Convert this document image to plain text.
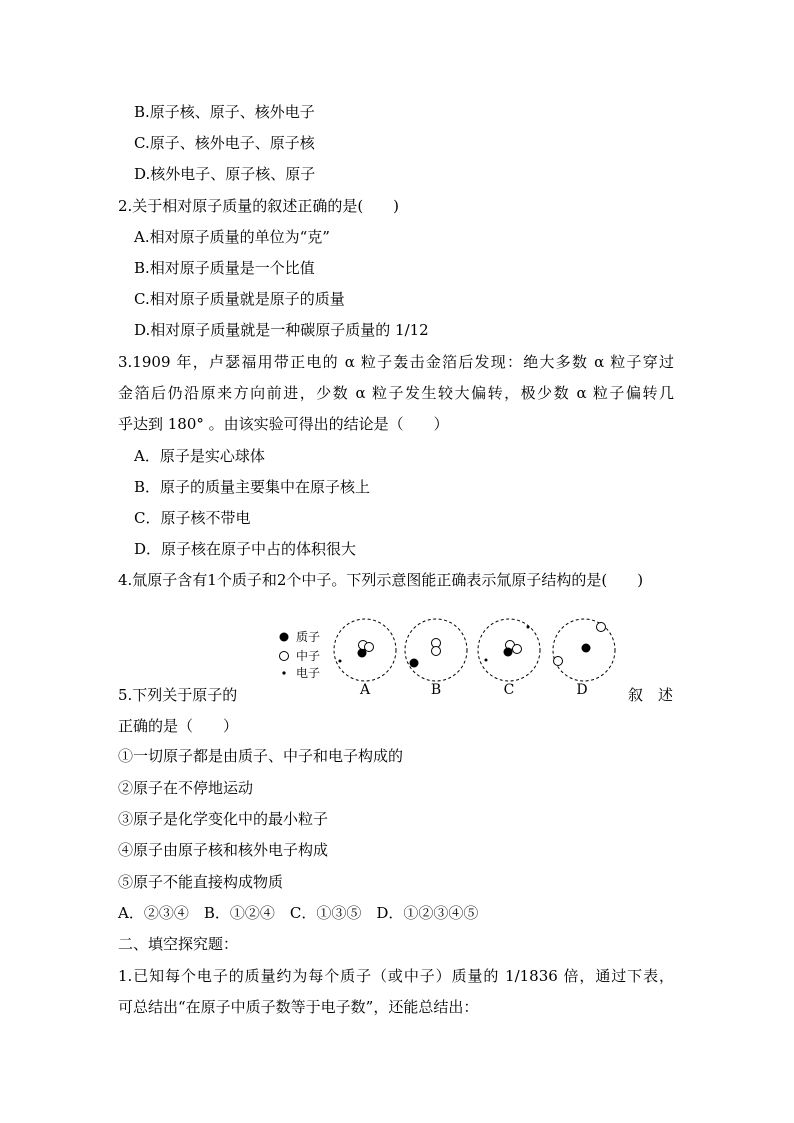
B.原子核、原子、核外电子
C.原子、核外电子、原子核
D.核外电子、原子核、原子
2.关于相对原子质量的叙述正确的是(　　)
A.相对原子质量的单位为“克”
B.相对原子质量是一个比值
C.相对原子质量就是原子的质量
D.相对原子质量就是一种碳原子质量的 1/12
3.1909 年，卢瑟福用带正电的 α 粒子轰击金箔后发现：绝大多数 α 粒子穿过
金箔后仍沿原来方向前进，少数 α 粒子发生较大偏转，极少数 α 粒子偏转几
乎达到 180° 。由该实验可得出的结论是（　　）
A．原子是实心球体
B．原子的质量主要集中在原子核上
C．原子核不带电
D．原子核在原子中占的体积很大
4.氚原子含有1个质子和2个中子。下列示意图能正确表示氚原子结构的是(　　)
质子
中子
电子
A	B	C	D
5.下列关于原子的	叙　述
正确的是（　　）
①一切原子都是由质子、中子和电子构成的
②原子在不停地运动
③原子是化学变化中的最小粒子
④原子由原子核和核外电子构成
⑤原子不能直接构成物质
A．②③④　B．①②④　C．①③⑤　D．①②③④⑤
二、填空探究题：
1.已知每个电子的质量约为每个质子（或中子）质量的 1/1836 倍，通过下表，
可总结出“在原子中质子数等于电子数”，还能总结出：
